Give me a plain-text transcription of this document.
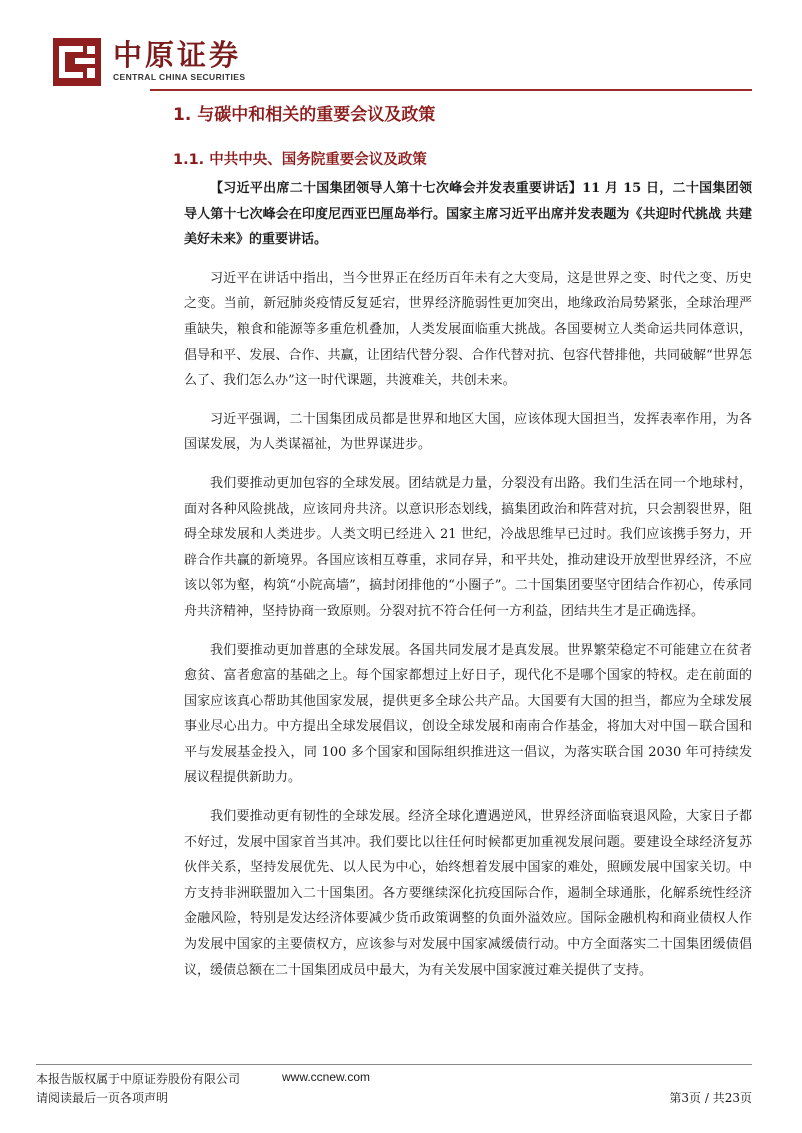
中原证券
CENTRAL CHINA SECURITIES
1. 与碳中和相关的重要会议及政策
1.1. 中共中央、国务院重要会议及政策

【习近平出席二十国集团领导人第十七次峰会并发表重要讲话】11 月 15 日，二十国集团领导人第十七次峰会在印度尼西亚巴厘岛举行。国家主席习近平出席并发表题为《共迎时代挑战 共建美好未来》的重要讲话。

习近平在讲话中指出，当今世界正在经历百年未有之大变局，这是世界之变、时代之变、历史之变。当前，新冠肺炎疫情反复延宕，世界经济脆弱性更加突出，地缘政治局势紧张，全球治理严重缺失，粮食和能源等多重危机叠加，人类发展面临重大挑战。各国要树立人类命运共同体意识，倡导和平、发展、合作、共赢，让团结代替分裂、合作代替对抗、包容代替排他，共同破解“世界怎么了、我们怎么办”这一时代课题，共渡难关，共创未来。

习近平强调，二十国集团成员都是世界和地区大国，应该体现大国担当，发挥表率作用，为各国谋发展，为人类谋福祉，为世界谋进步。

我们要推动更加包容的全球发展。团结就是力量，分裂没有出路。我们生活在同一个地球村，面对各种风险挑战，应该同舟共济。以意识形态划线，搞集团政治和阵营对抗，只会割裂世界，阻碍全球发展和人类进步。人类文明已经进入 21 世纪，冷战思维早已过时。我们应该携手努力，开辟合作共赢的新境界。各国应该相互尊重，求同存异，和平共处，推动建设开放型世界经济，不应该以邻为壑，构筑“小院高墙”，搞封闭排他的“小圈子”。二十国集团要坚守团结合作初心，传承同舟共济精神，坚持协商一致原则。分裂对抗不符合任何一方利益，团结共生才是正确选择。

我们要推动更加普惠的全球发展。各国共同发展才是真发展。世界繁荣稳定不可能建立在贫者愈贫、富者愈富的基础之上。每个国家都想过上好日子，现代化不是哪个国家的特权。走在前面的国家应该真心帮助其他国家发展，提供更多全球公共产品。大国要有大国的担当，都应为全球发展事业尽心出力。中方提出全球发展倡议，创设全球发展和南南合作基金，将加大对中国－联合国和平与发展基金投入，同 100 多个国家和国际组织推进这一倡议，为落实联合国 2030 年可持续发展议程提供新助力。

我们要推动更有韧性的全球发展。经济全球化遭遇逆风，世界经济面临衰退风险，大家日子都不好过，发展中国家首当其冲。我们要比以往任何时候都更加重视发展问题。要建设全球经济复苏伙伴关系，坚持发展优先、以人民为中心，始终想着发展中国家的难处，照顾发展中国家关切。中方支持非洲联盟加入二十国集团。各方要继续深化抗疫国际合作，遏制全球通胀，化解系统性经济金融风险，特别是发达经济体要减少货币政策调整的负面外溢效应。国际金融机构和商业债权人作为发展中国家的主要债权方，应该参与对发展中国家减缓债行动。中方全面落实二十国集团缓债倡议，缓债总额在二十国集团成员中最大，为有关发展中国家渡过难关提供了支持。

本报告版权属于中原证券股份有限公司	www.ccnew.com
请阅读最后一页各项声明	第3页 / 共23页
